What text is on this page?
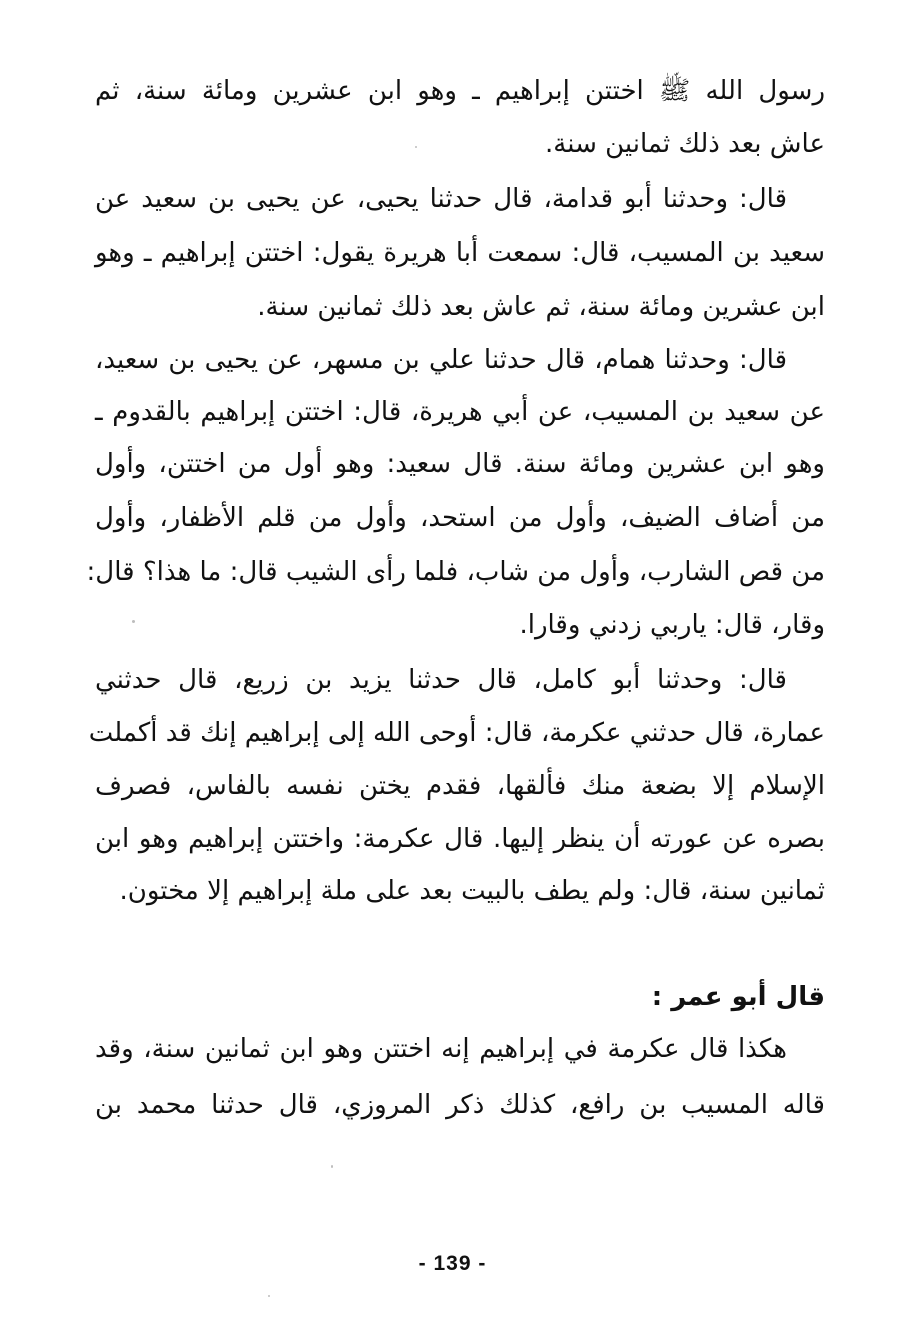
رسول الله ﷺ اختتن إبراهيم ـ وهو ابن عشرين ومائة سنة، ثم
عاش بعد ذلك ثمانين سنة.
قال: وحدثنا أبو قدامة، قال حدثنا يحيى، عن يحيى بن سعيد عن
سعيد بن المسيب، قال: سمعت أبا هريرة يقول: اختتن إبراهيم ـ وهو
ابن عشرين ومائة سنة، ثم عاش بعد ذلك ثمانين سنة.
قال: وحدثنا همام، قال حدثنا علي بن مسهر، عن يحيى بن سعيد،
عن سعيد بن المسيب، عن أبي هريرة، قال: اختتن إبراهيم بالقدوم ـ
وهو ابن عشرين ومائة سنة. قال سعيد: وهو أول من اختتن، وأول
من أضاف الضيف، وأول من استحد، وأول من قلم الأظفار، وأول
من قص الشارب، وأول من شاب، فلما رأى الشيب قال: ما هذا؟ قال:
وقار، قال: ياربي زدني وقارا.
قال: وحدثنا أبو كامل، قال حدثنا يزيد بن زريع، قال حدثني
عمارة، قال حدثني عكرمة، قال: أوحى الله إلى إبراهيم إنك قد أكملت
الإسلام إلا بضعة منك فألقها، فقدم يختن نفسه بالفاس، فصرف
بصره عن عورته أن ينظر إليها. قال عكرمة: واختتن إبراهيم وهو ابن
ثمانين سنة، قال: ولم يطف بالبيت بعد على ملة إبراهيم إلا مختون.
قال أبو عمر :
هكذا قال عكرمة في إبراهيم إنه اختتن وهو ابن ثمانين سنة، وقد
قاله المسيب بن رافع، كذلك ذكر المروزي، قال حدثنا محمد بن
- 139 -
